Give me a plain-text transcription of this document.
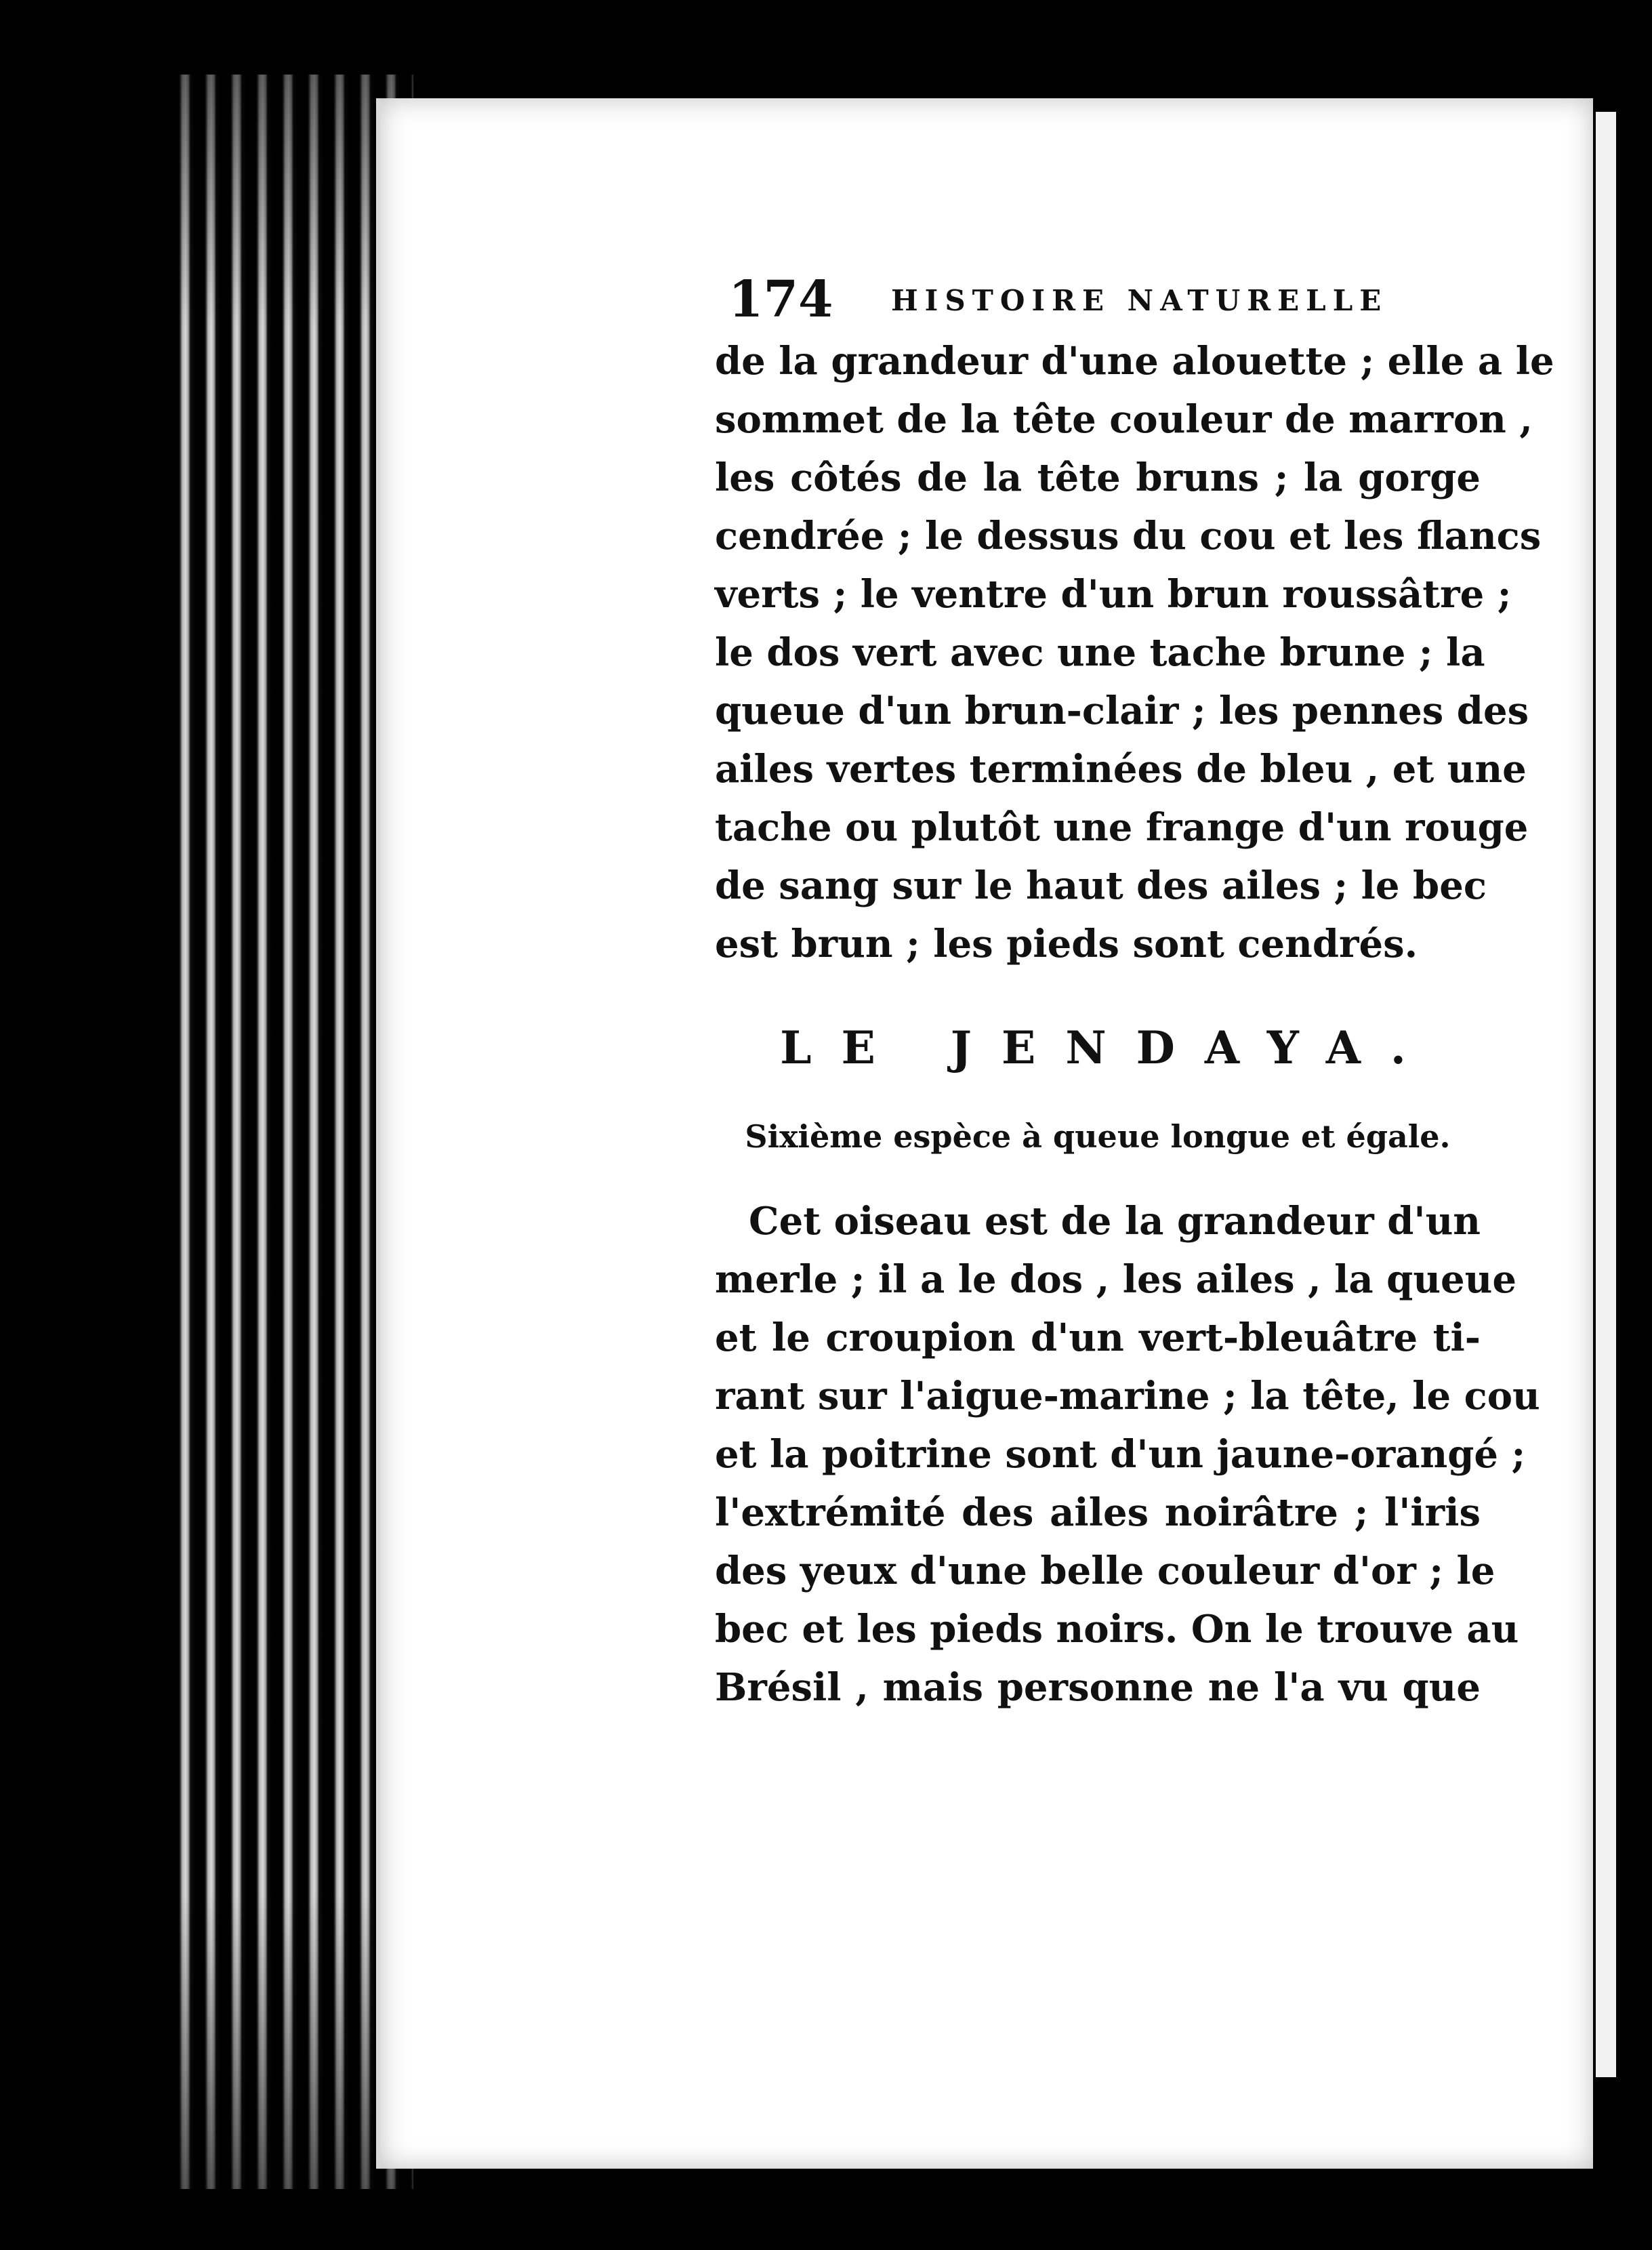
174 HISTOIRE NATURELLE
de la grandeur d'une alouette ; elle a le
sommet de la tête couleur de marron ,
les côtés de la tête bruns ; la gorge
cendrée ; le dessus du cou et les flancs
verts ; le ventre d'un brun roussâtre ;
le dos vert avec une tache brune ; la
queue d'un brun-clair ; les pennes des
ailes vertes terminées de bleu , et une
tache ou plutôt une frange d'un rouge
de sang sur le haut des ailes ; le bec
est brun ; les pieds sont cendrés.
LE JENDAYA.
Sixième espèce à queue longue et égale.
Cet oiseau est de la grandeur d'un
merle ; il a le dos , les ailes , la queue
et le croupion d'un vert-bleuâtre ti-
rant sur l'aigue-marine ; la tête, le cou
et la poitrine sont d'un jaune-orangé ;
l'extrémité des ailes noirâtre ; l'iris
des yeux d'une belle couleur d'or ; le
bec et les pieds noirs. On le trouve au
Brésil , mais personne ne l'a vu que
